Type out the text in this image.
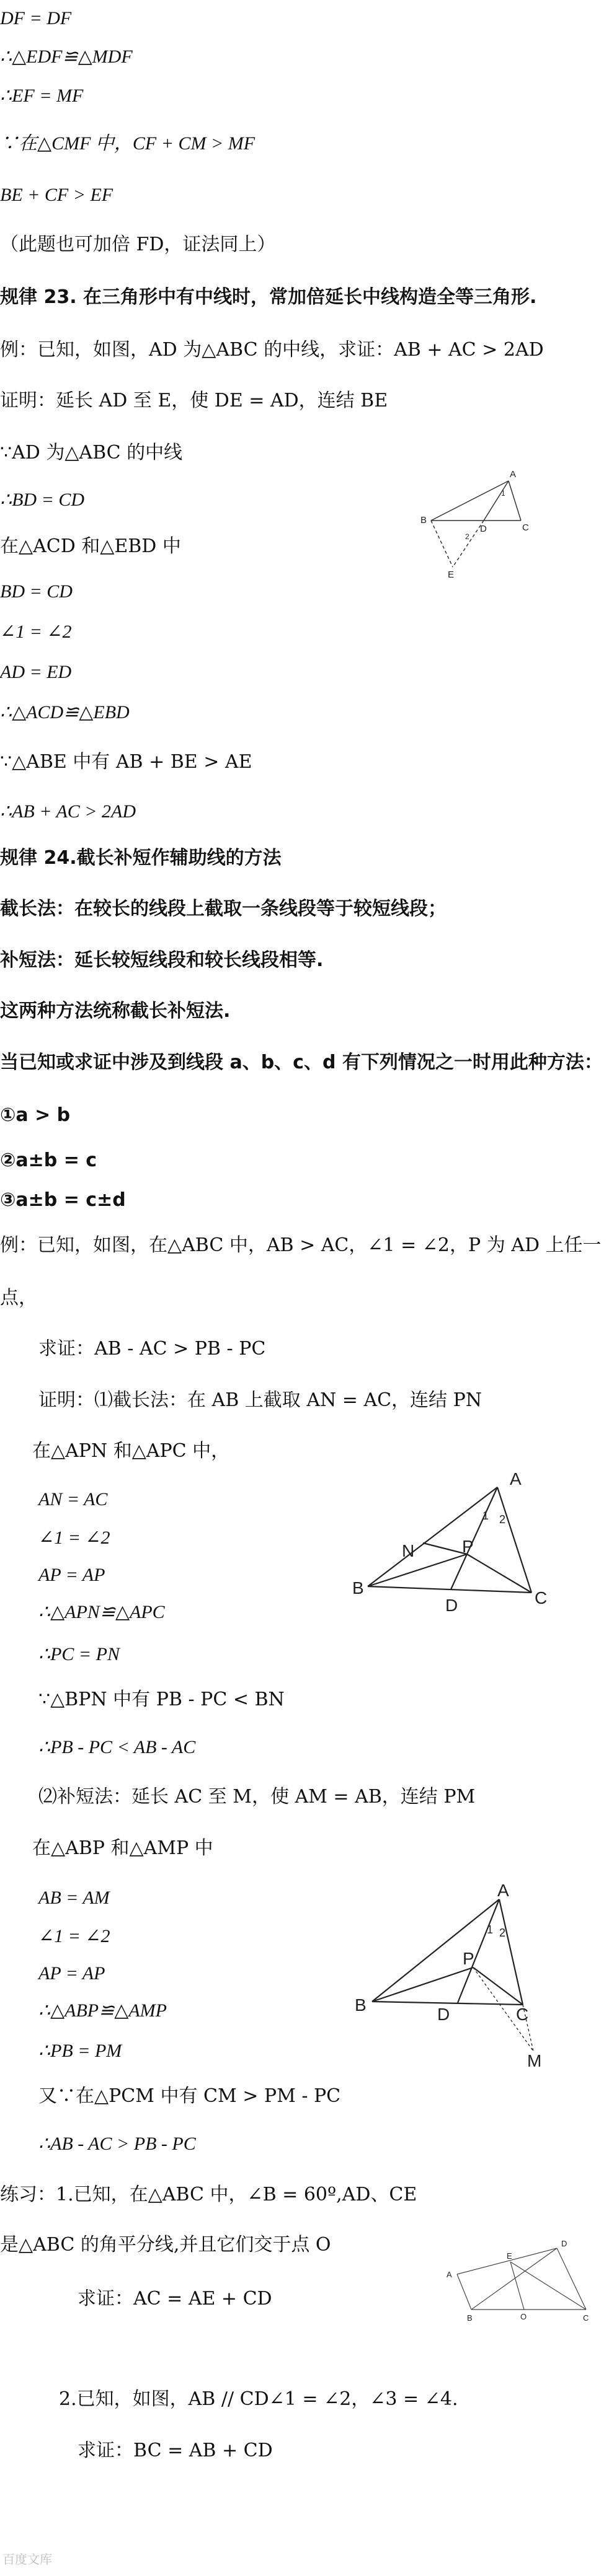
DF = DF
∴△EDF≌△MDF
∴EF = MF
∵在△CMF 中，CF + CM > MF
BE + CF > EF
（此题也可加倍 FD，证法同上）
规律 23. 在三角形中有中线时，常加倍延长中线构造全等三角形.
例：已知，如图，AD 为△ABC 的中线，求证：AB + AC > 2AD
证明：延长 AD 至 E，使 DE = AD，连结 BE
∵AD 为△ABC 的中线
∴BD = CD
在△ACD 和△EBD 中
BD = CD
∠1 = ∠2
AD = ED
∴△ACD≌△EBD
∵△ABE 中有 AB + BE > AE
∴AB + AC > 2AD
规律 24.截长补短作辅助线的方法
截长法：在较长的线段上截取一条线段等于较短线段；
补短法：延长较短线段和较长线段相等.
这两种方法统称截长补短法.
当已知或求证中涉及到线段 a、b、c、d 有下列情况之一时用此种方法：
①a > b
②a±b = c
③a±b = c±d
例：已知，如图，在△ABC 中，AB > AC，∠1 = ∠2，P 为 AD 上任一
点，
求证：AB - AC > PB - PC
证明：⑴截长法：在 AB 上截取 AN = AC，连结 PN
在△APN 和△APC 中，
AN = AC
∠1 = ∠2
AP = AP
∴△APN≌△APC
∴PC = PN
∵△BPN 中有 PB - PC < BN
∴PB - PC < AB - AC
⑵补短法：延长 AC 至 M，使 AM = AB，连结 PM
在△ABP 和△AMP 中
AB = AM
∠1 = ∠2
AP = AP
∴△ABP≌△AMP
∴PB = PM
又∵在△PCM 中有 CM > PM - PC
∴AB - AC > PB - PC
练习：1.已知，在△ABC 中，∠B = 60º,AD、CE
是△ABC 的角平分线,并且它们交于点 O
求证：AC = AE + CD
2.已知，如图，AB // CD∠1 = ∠2，∠3 = ∠4.
求证：BC = AB + CD
A
B
C
D
E
1
2
A
B
C
D
N	P
1 2
A
B	C
D
P
M
1 2
A
B	C
D
E
O
百度文库
